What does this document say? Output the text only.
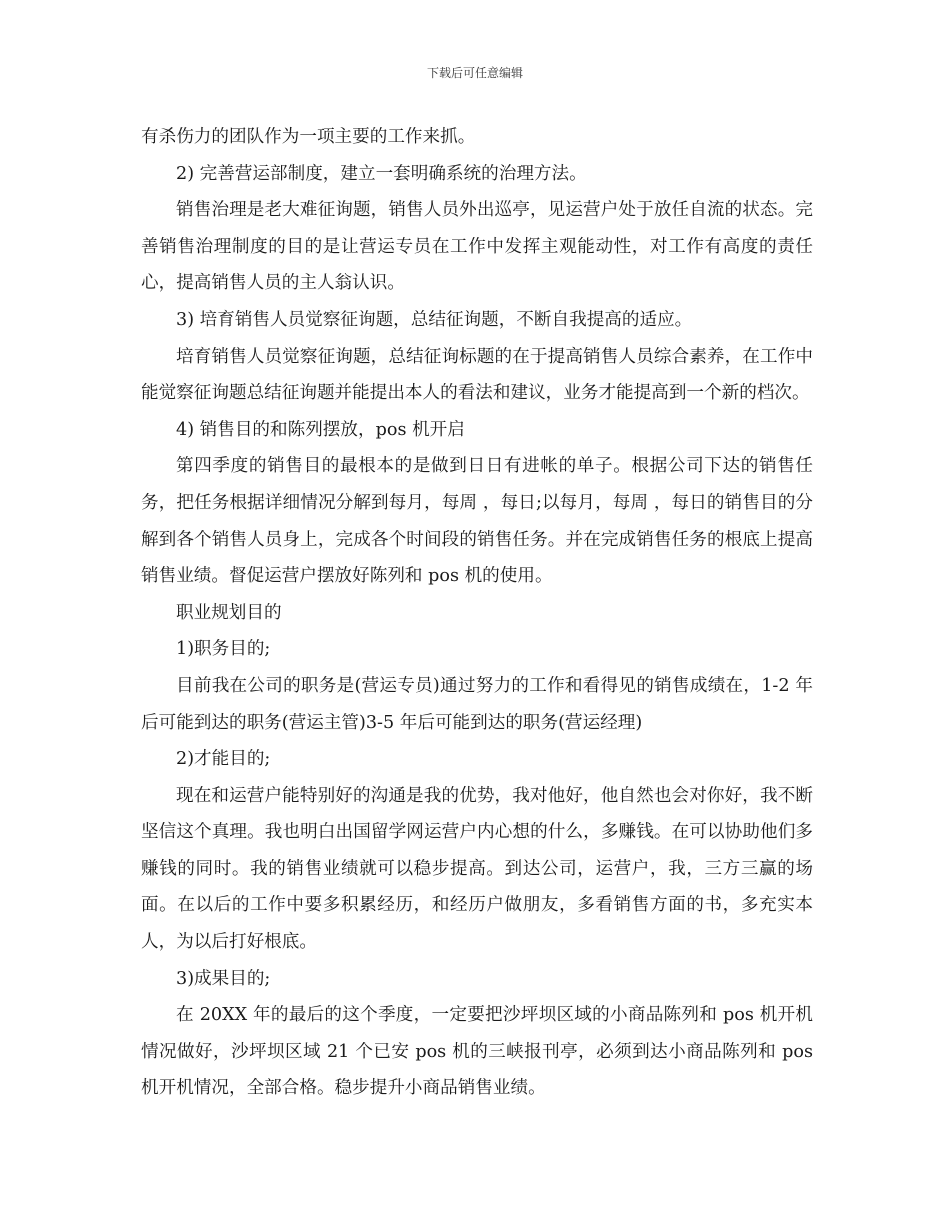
下载后可任意编辑

有杀伤力的团队作为一项主要的工作来抓。

2) 完善营运部制度，建立一套明确系统的治理方法。

销售治理是老大难征询题，销售人员外出巡亭，见运营户处于放任自流的状态。完善销售治理制度的目的是让营运专员在工作中发挥主观能动性，对工作有高度的责任心，提高销售人员的主人翁认识。

3) 培育销售人员觉察征询题，总结征询题，不断自我提高的适应。

培育销售人员觉察征询题，总结征询标题的在于提高销售人员综合素养，在工作中能觉察征询题总结征询题并能提出本人的看法和建议，业务才能提高到一个新的档次。

4) 销售目的和陈列摆放，pos 机开启

第四季度的销售目的最根本的是做到日日有进帐的单子。根据公司下达的销售任务，把任务根据详细情况分解到每月，每周 ，每日;以每月，每周 ，每日的销售目的分解到各个销售人员身上，完成各个时间段的销售任务。并在完成销售任务的根底上提高销售业绩。督促运营户摆放好陈列和 pos 机的使用。

职业规划目的

1)职务目的;

目前我在公司的职务是(营运专员)通过努力的工作和看得见的销售成绩在，1-2 年后可能到达的职务(营运主管)3-5 年后可能到达的职务(营运经理)

2)才能目的;

现在和运营户能特别好的沟通是我的优势，我对他好，他自然也会对你好，我不断坚信这个真理。我也明白出国留学网运营户内心想的什么，多赚钱。在可以协助他们多赚钱的同时。我的销售业绩就可以稳步提高。到达公司，运营户，我，三方三赢的场面。在以后的工作中要多积累经历，和经历户做朋友，多看销售方面的书，多充实本人，为以后打好根底。

3)成果目的;

在 20XX 年的最后的这个季度，一定要把沙坪坝区域的小商品陈列和 pos 机开机情况做好，沙坪坝区域 21 个已安 pos 机的三峡报刊亭，必须到达小商品陈列和 pos 机开机情况，全部合格。稳步提升小商品销售业绩。
